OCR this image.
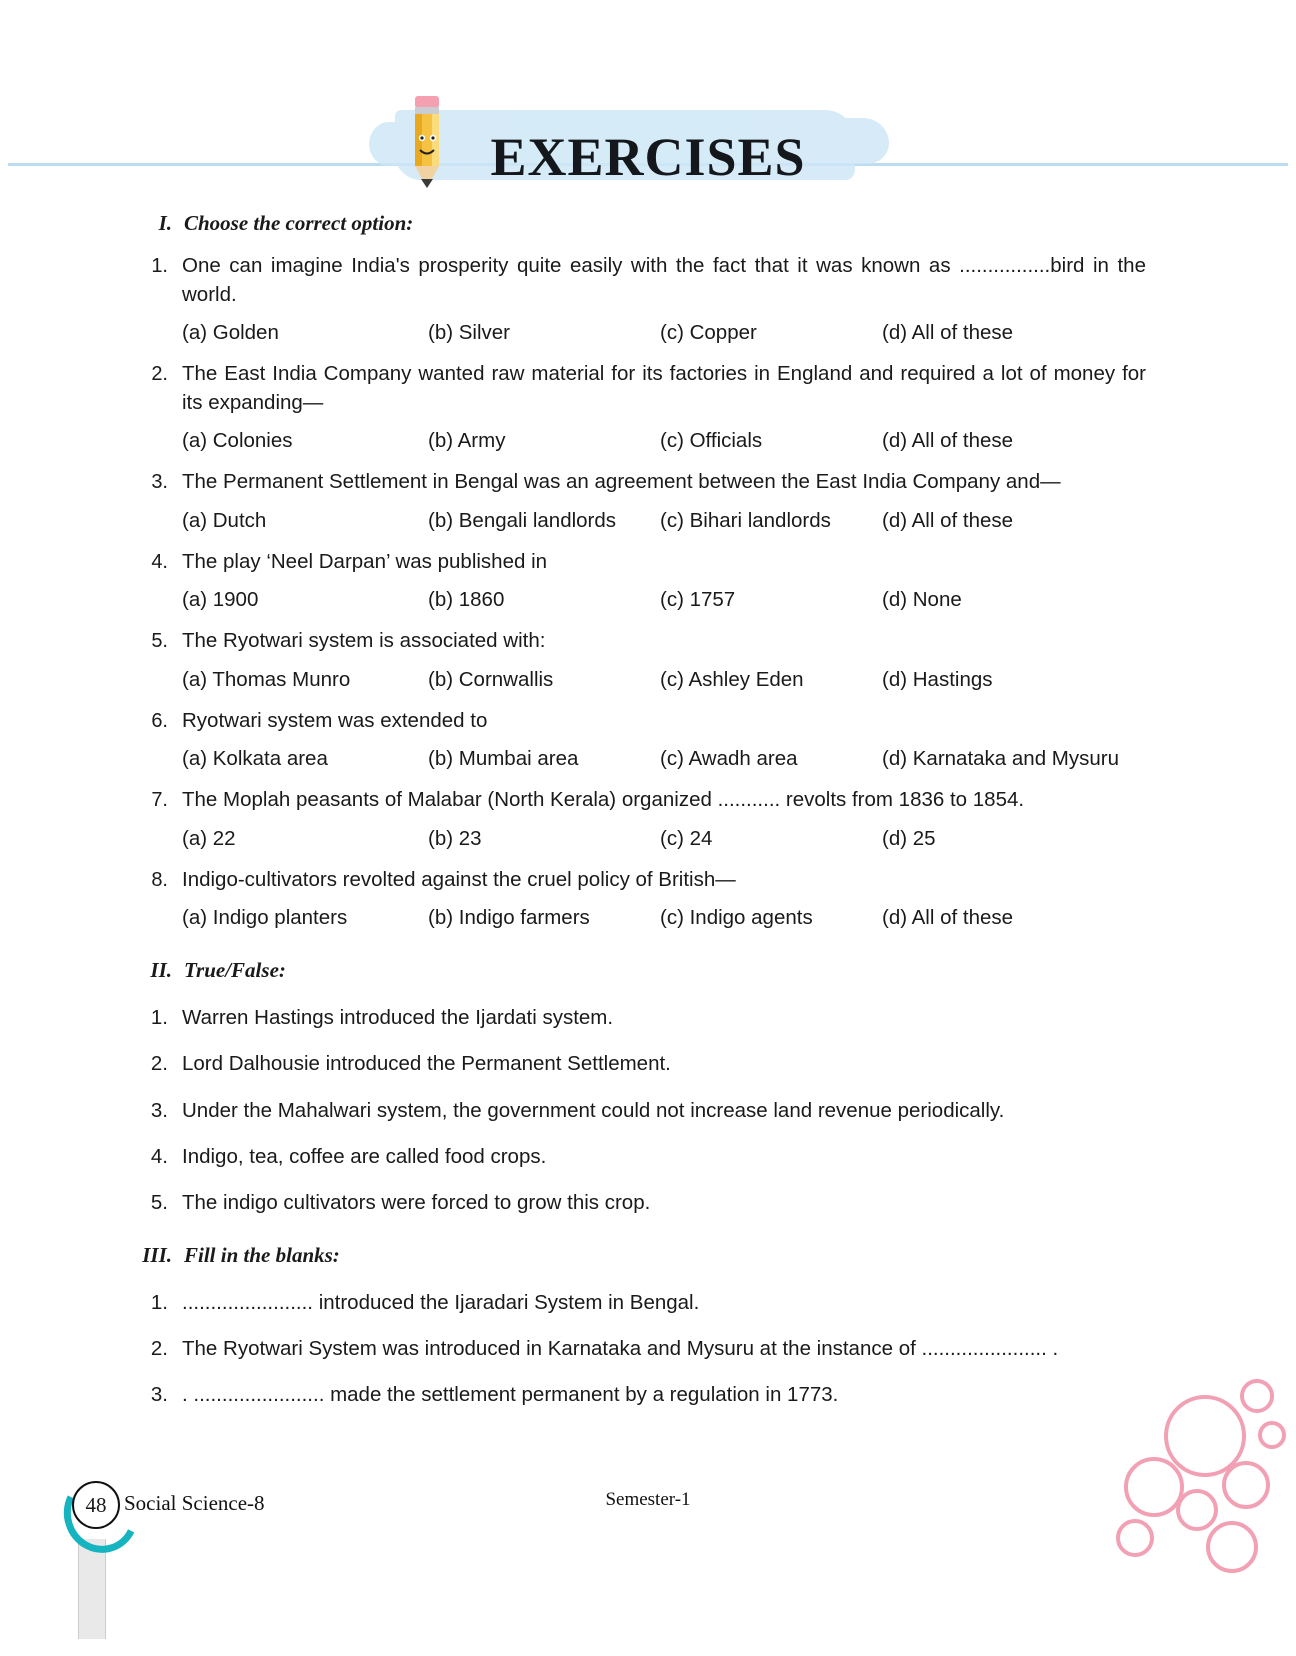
EXERCISES
I. Choose the correct option:
1. One can imagine India's prosperity quite easily with the fact that it was known as ................bird in the world.
(a) Golden	(b) Silver	(c) Copper	(d) All of these
2. The East India Company wanted raw material for its factories in England and required a lot of money for its expanding—
(a) Colonies	(b) Army	(c) Officials	(d) All of these
3. The Permanent Settlement in Bengal was an agreement between the East India Company and—
(a) Dutch	(b) Bengali landlords	(c) Bihari landlords	(d) All of these
4. The play ‘Neel Darpan’ was published in
(a) 1900	(b) 1860	(c) 1757	(d) None
5. The Ryotwari system is associated with:
(a) Thomas Munro	(b) Cornwallis	(c) Ashley Eden	(d) Hastings
6. Ryotwari system was extended to
(a) Kolkata area	(b) Mumbai area	(c) Awadh area	(d) Karnataka and Mysuru
7. The Moplah peasants of Malabar (North Kerala) organized ........... revolts from 1836 to 1854.
(a) 22	(b) 23	(c) 24	(d) 25
8. Indigo-cultivators revolted against the cruel policy of British—
(a) Indigo planters	(b) Indigo farmers	(c) Indigo agents	(d) All of these
II. True/False:
1. Warren Hastings introduced the Ijardati system.
2. Lord Dalhousie introduced the Permanent Settlement.
3. Under the Mahalwari system, the government could not increase land revenue periodically.
4. Indigo, tea, coffee are called food crops.
5. The indigo cultivators were forced to grow this crop.
III. Fill in the blanks:
1. ....................... introduced the Ijaradari System in Bengal.
2. The Ryotwari System was introduced in Karnataka and Mysuru at the instance of ...................... .
3. . ....................... made the settlement permanent by a regulation in 1773.
48 Social Science-8	Semester-1
